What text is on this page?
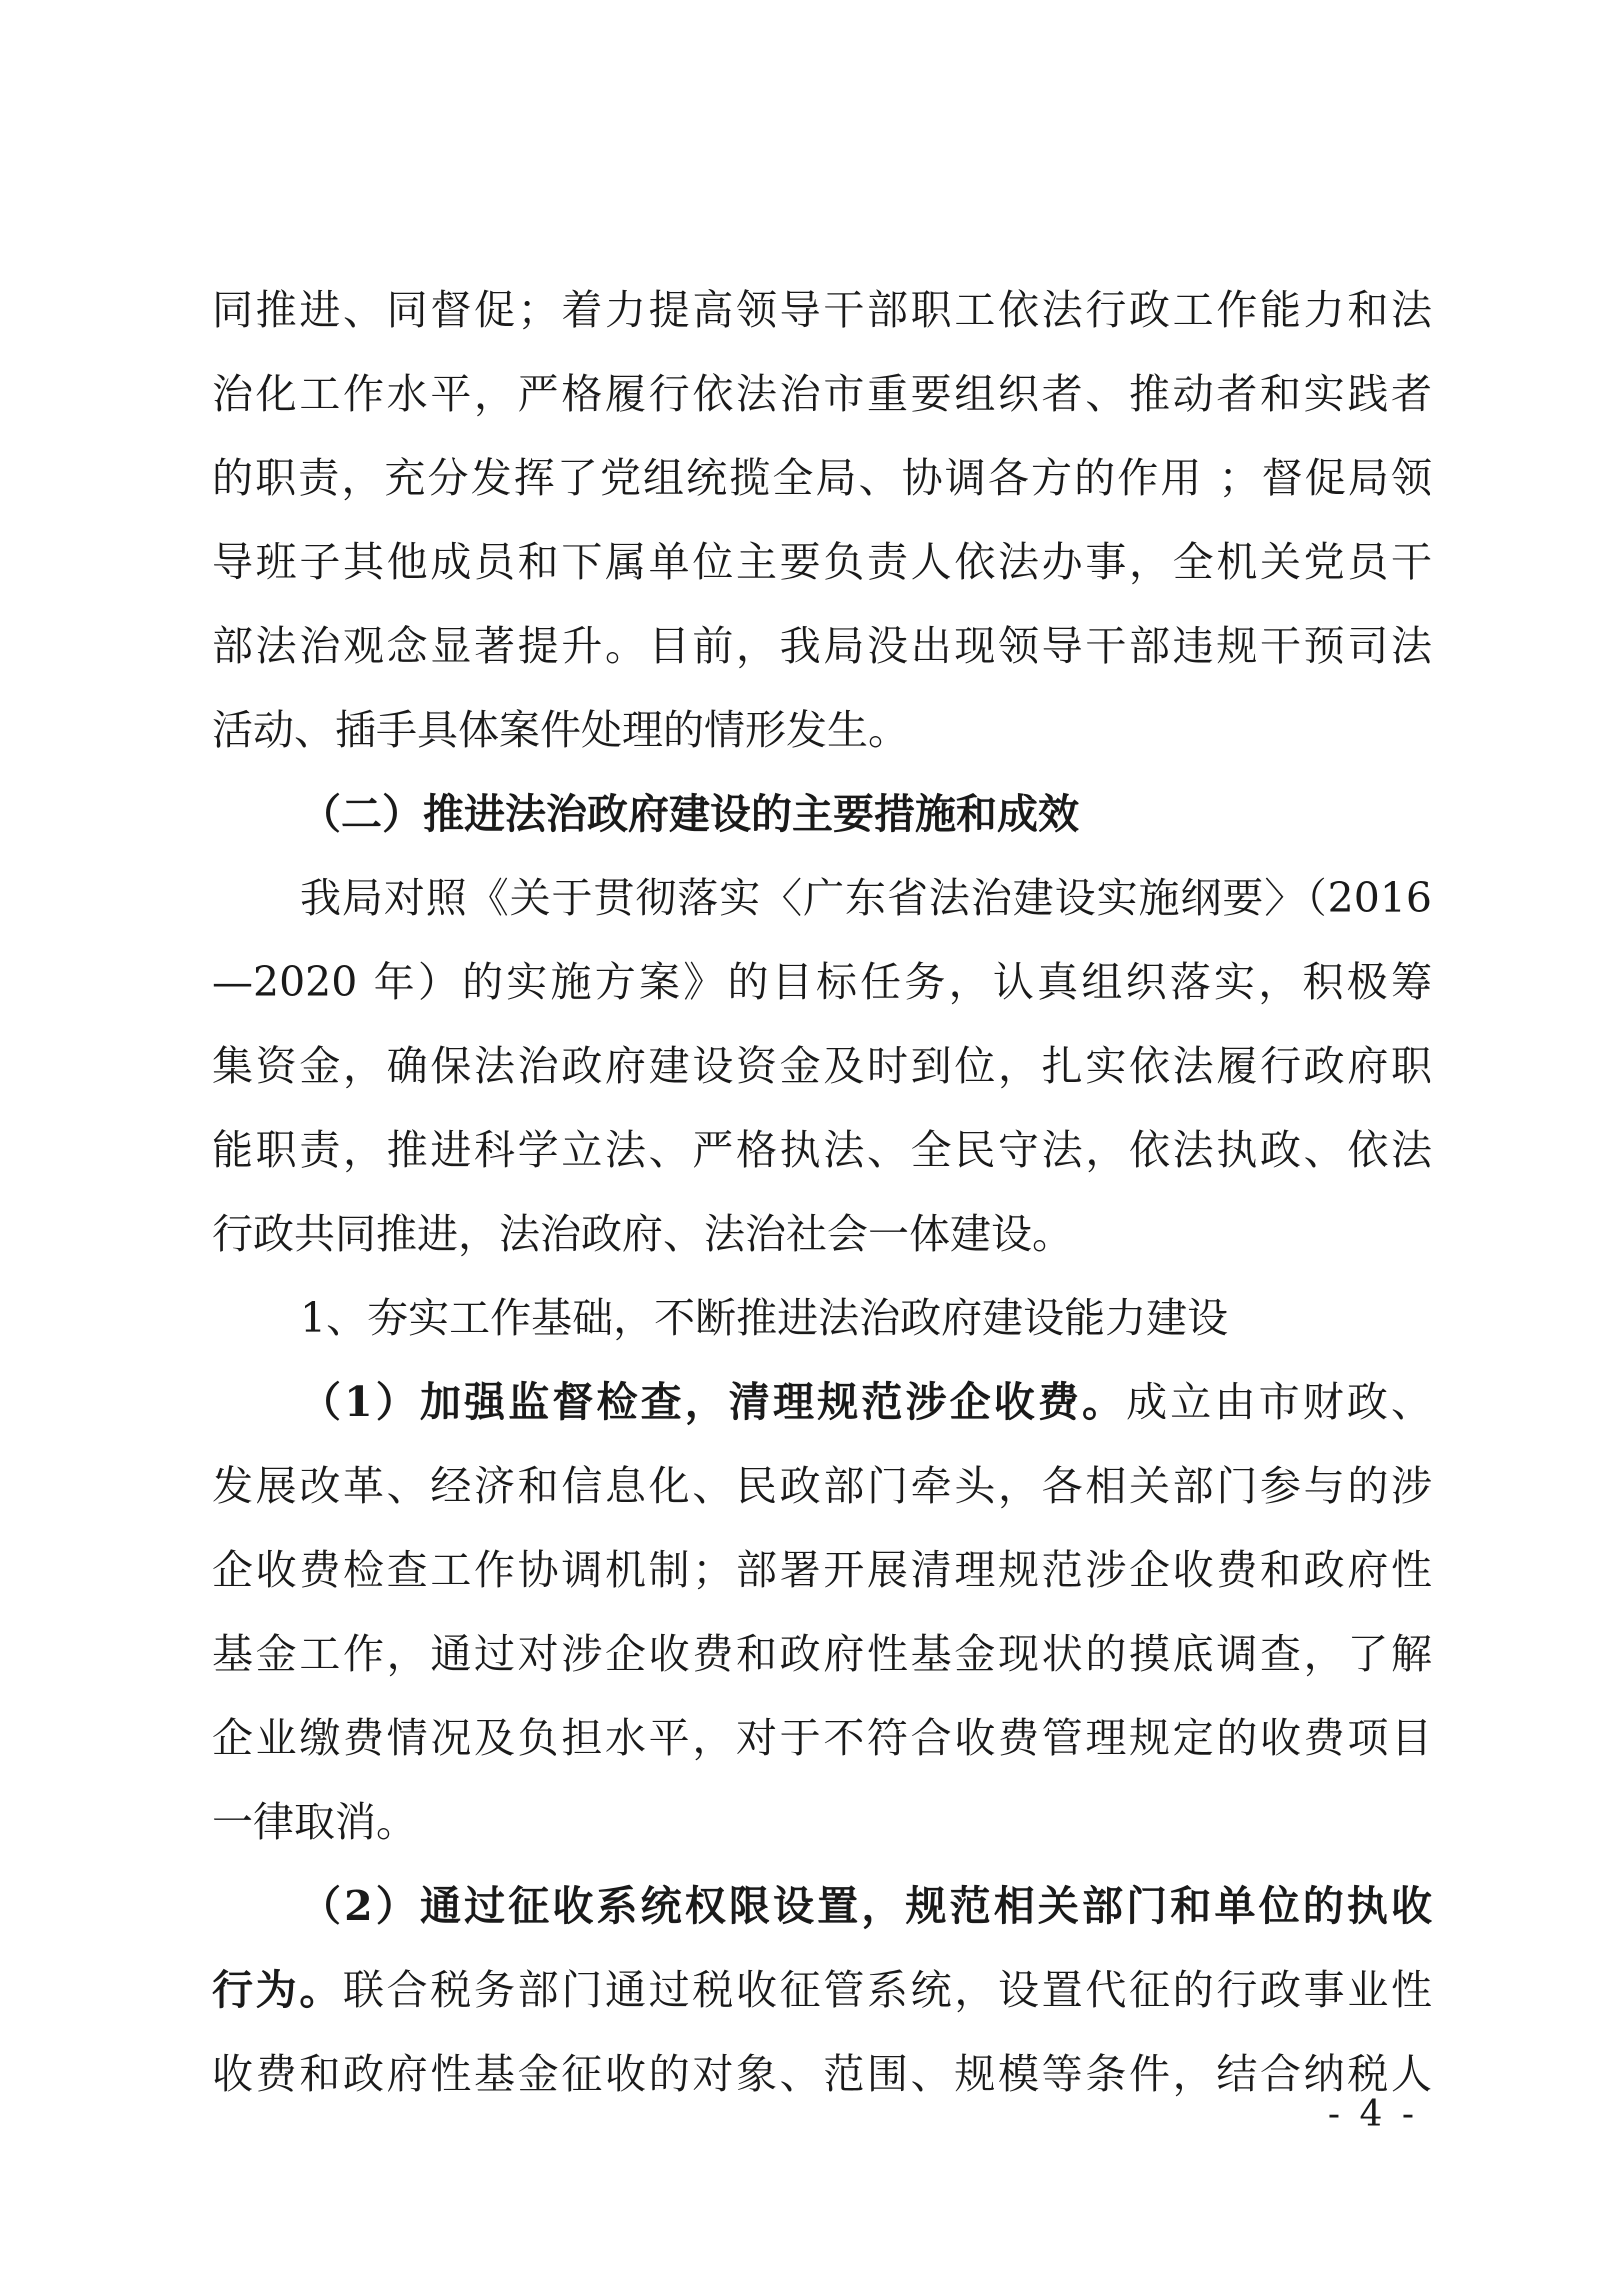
同推进、同督促；着力提高领导干部职工依法行政工作能力和法
治化工作水平，严格履行依法治市重要组织者、推动者和实践者
的职责，充分发挥了党组统揽全局、协调各方的作用 ；督促局领
导班子其他成员和下属单位主要负责人依法办事，全机关党员干
部法治观念显著提升。目前，我局没出现领导干部违规干预司法
活动、插手具体案件处理的情形发生。
（二）推进法治政府建设的主要措施和成效
我局对照《关于贯彻落实〈广东省法治建设实施纲要〉（2016
—2020 年）的实施方案》的目标任务，认真组织落实，积极筹
集资金，确保法治政府建设资金及时到位，扎实依法履行政府职
能职责，推进科学立法、严格执法、全民守法，依法执政、依法
行政共同推进，法治政府、法治社会一体建设。
1、夯实工作基础，不断推进法治政府建设能力建设
（1）加强监督检查，清理规范涉企收费。成立由市财政、
发展改革、经济和信息化、民政部门牵头，各相关部门参与的涉
企收费检查工作协调机制；部署开展清理规范涉企收费和政府性
基金工作，通过对涉企收费和政府性基金现状的摸底调查，了解
企业缴费情况及负担水平，对于不符合收费管理规定的收费项目
一律取消。
（2）通过征收系统权限设置，规范相关部门和单位的执收
行为。联合税务部门通过税收征管系统，设置代征的行政事业性
收费和政府性基金征收的对象、范围、规模等条件，结合纳税人
- 4 -
